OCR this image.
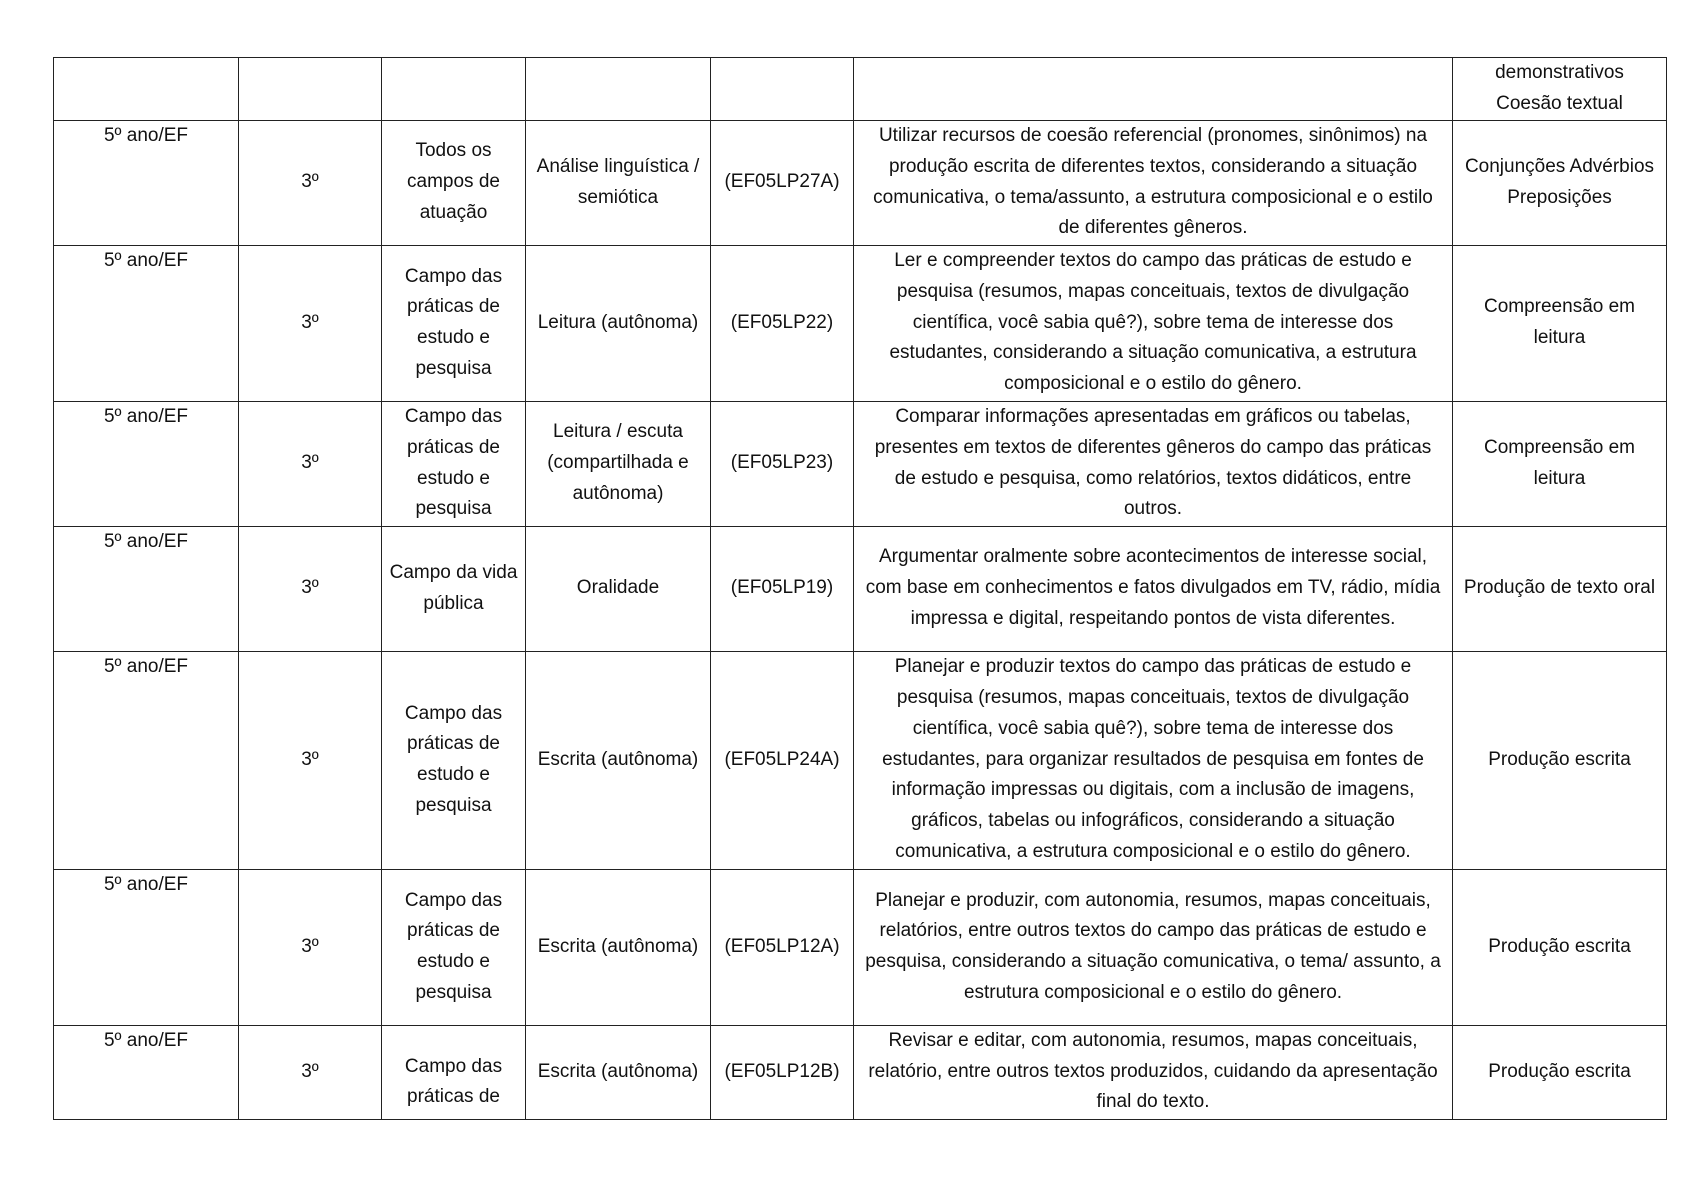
						demonstrativos
Coesão textual

5º ano/EF	3º	Todos os campos de atuação	Análise linguística / semiótica	(EF05LP27A)	Utilizar recursos de coesão referencial (pronomes, sinônimos) na produção escrita de diferentes textos, considerando a situação comunicativa, o tema/assunto, a estrutura composicional e o estilo de diferentes gêneros.	Conjunções Advérbios Preposições
5º ano/EF	3º	Campo das práticas de estudo e pesquisa	Leitura (autônoma)	(EF05LP22)	Ler e compreender textos do campo das práticas de estudo e pesquisa (resumos, mapas conceituais, textos de divulgação científica, você sabia quê?), sobre tema de interesse dos estudantes, considerando a situação comunicativa, a estrutura composicional e o estilo do gênero.	Compreensão em leitura
5º ano/EF	3º	Campo das práticas de estudo e pesquisa	Leitura / escuta (compartilhada e autônoma)	(EF05LP23)	Comparar informações apresentadas em gráficos ou tabelas, presentes em textos de diferentes gêneros do campo das práticas de estudo e pesquisa, como relatórios, textos didáticos, entre outros.	Compreensão em leitura
5º ano/EF	3º	Campo da vida pública	Oralidade	(EF05LP19)	Argumentar oralmente sobre acontecimentos de interesse social, com base em conhecimentos e fatos divulgados em TV, rádio, mídia impressa e digital, respeitando pontos de vista diferentes.	Produção de texto oral
5º ano/EF	3º	Campo das práticas de estudo e pesquisa	Escrita (autônoma)	(EF05LP24A)	Planejar e produzir textos do campo das práticas de estudo e pesquisa (resumos, mapas conceituais, textos de divulgação científica, você sabia quê?), sobre tema de interesse dos estudantes, para organizar resultados de pesquisa em fontes de informação impressas ou digitais, com a inclusão de imagens, gráficos, tabelas ou infográficos, considerando a situação comunicativa, a estrutura composicional e o estilo do gênero.	Produção escrita
5º ano/EF	3º	Campo das práticas de estudo e pesquisa	Escrita (autônoma)	(EF05LP12A)	Planejar e produzir, com autonomia, resumos, mapas conceituais, relatórios, entre outros textos do campo das práticas de estudo e pesquisa, considerando a situação comunicativa, o tema/ assunto, a estrutura composicional e o estilo do gênero.	Produção escrita
5º ano/EF	3º	Campo das práticas de	Escrita (autônoma)	(EF05LP12B)	Revisar e editar, com autonomia, resumos, mapas conceituais, relatório, entre outros textos produzidos, cuidando da apresentação final do texto.	Produção escrita
